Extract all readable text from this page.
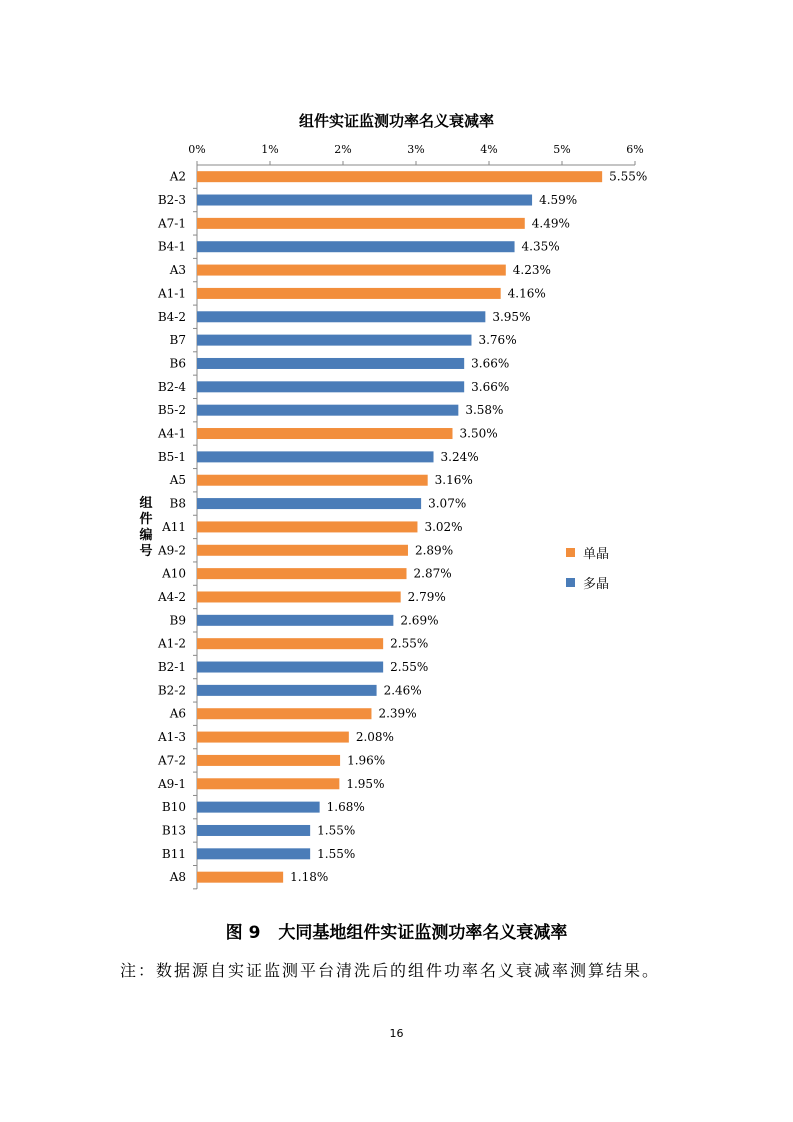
组件实证监测功率名义衰减率
0%	1%	2%	3%	4%	5%	6%
A2	5.55%
B2-3	4.59%
A7-1	4.49%
B4-1	4.35%
A3	4.23%
A1-1	4.16%
B4-2	3.95%
B7	3.76%
B6	3.66%
B2-4	3.66%
B5-2	3.58%
A4-1	3.50%
B5-1	3.24%
A5	3.16%
B8	3.07%
A11	3.02%
A9-2	2.89%
A10	2.87%
A4-2	2.79%
B9	2.69%
A1-2	2.55%
B2-1	2.55%
B2-2	2.46%
A6	2.39%
A1-3	2.08%
A7-2	1.96%
A9-1	1.95%
B10	1.68%
B13	1.55%
B11	1.55%
A8	1.18%
组件编号	单晶
多晶
图 9 大同基地组件实证监测功率名义衰减率
注：数据源自实证监测平台清洗后的组件功率名义衰减率测算结果。
16
